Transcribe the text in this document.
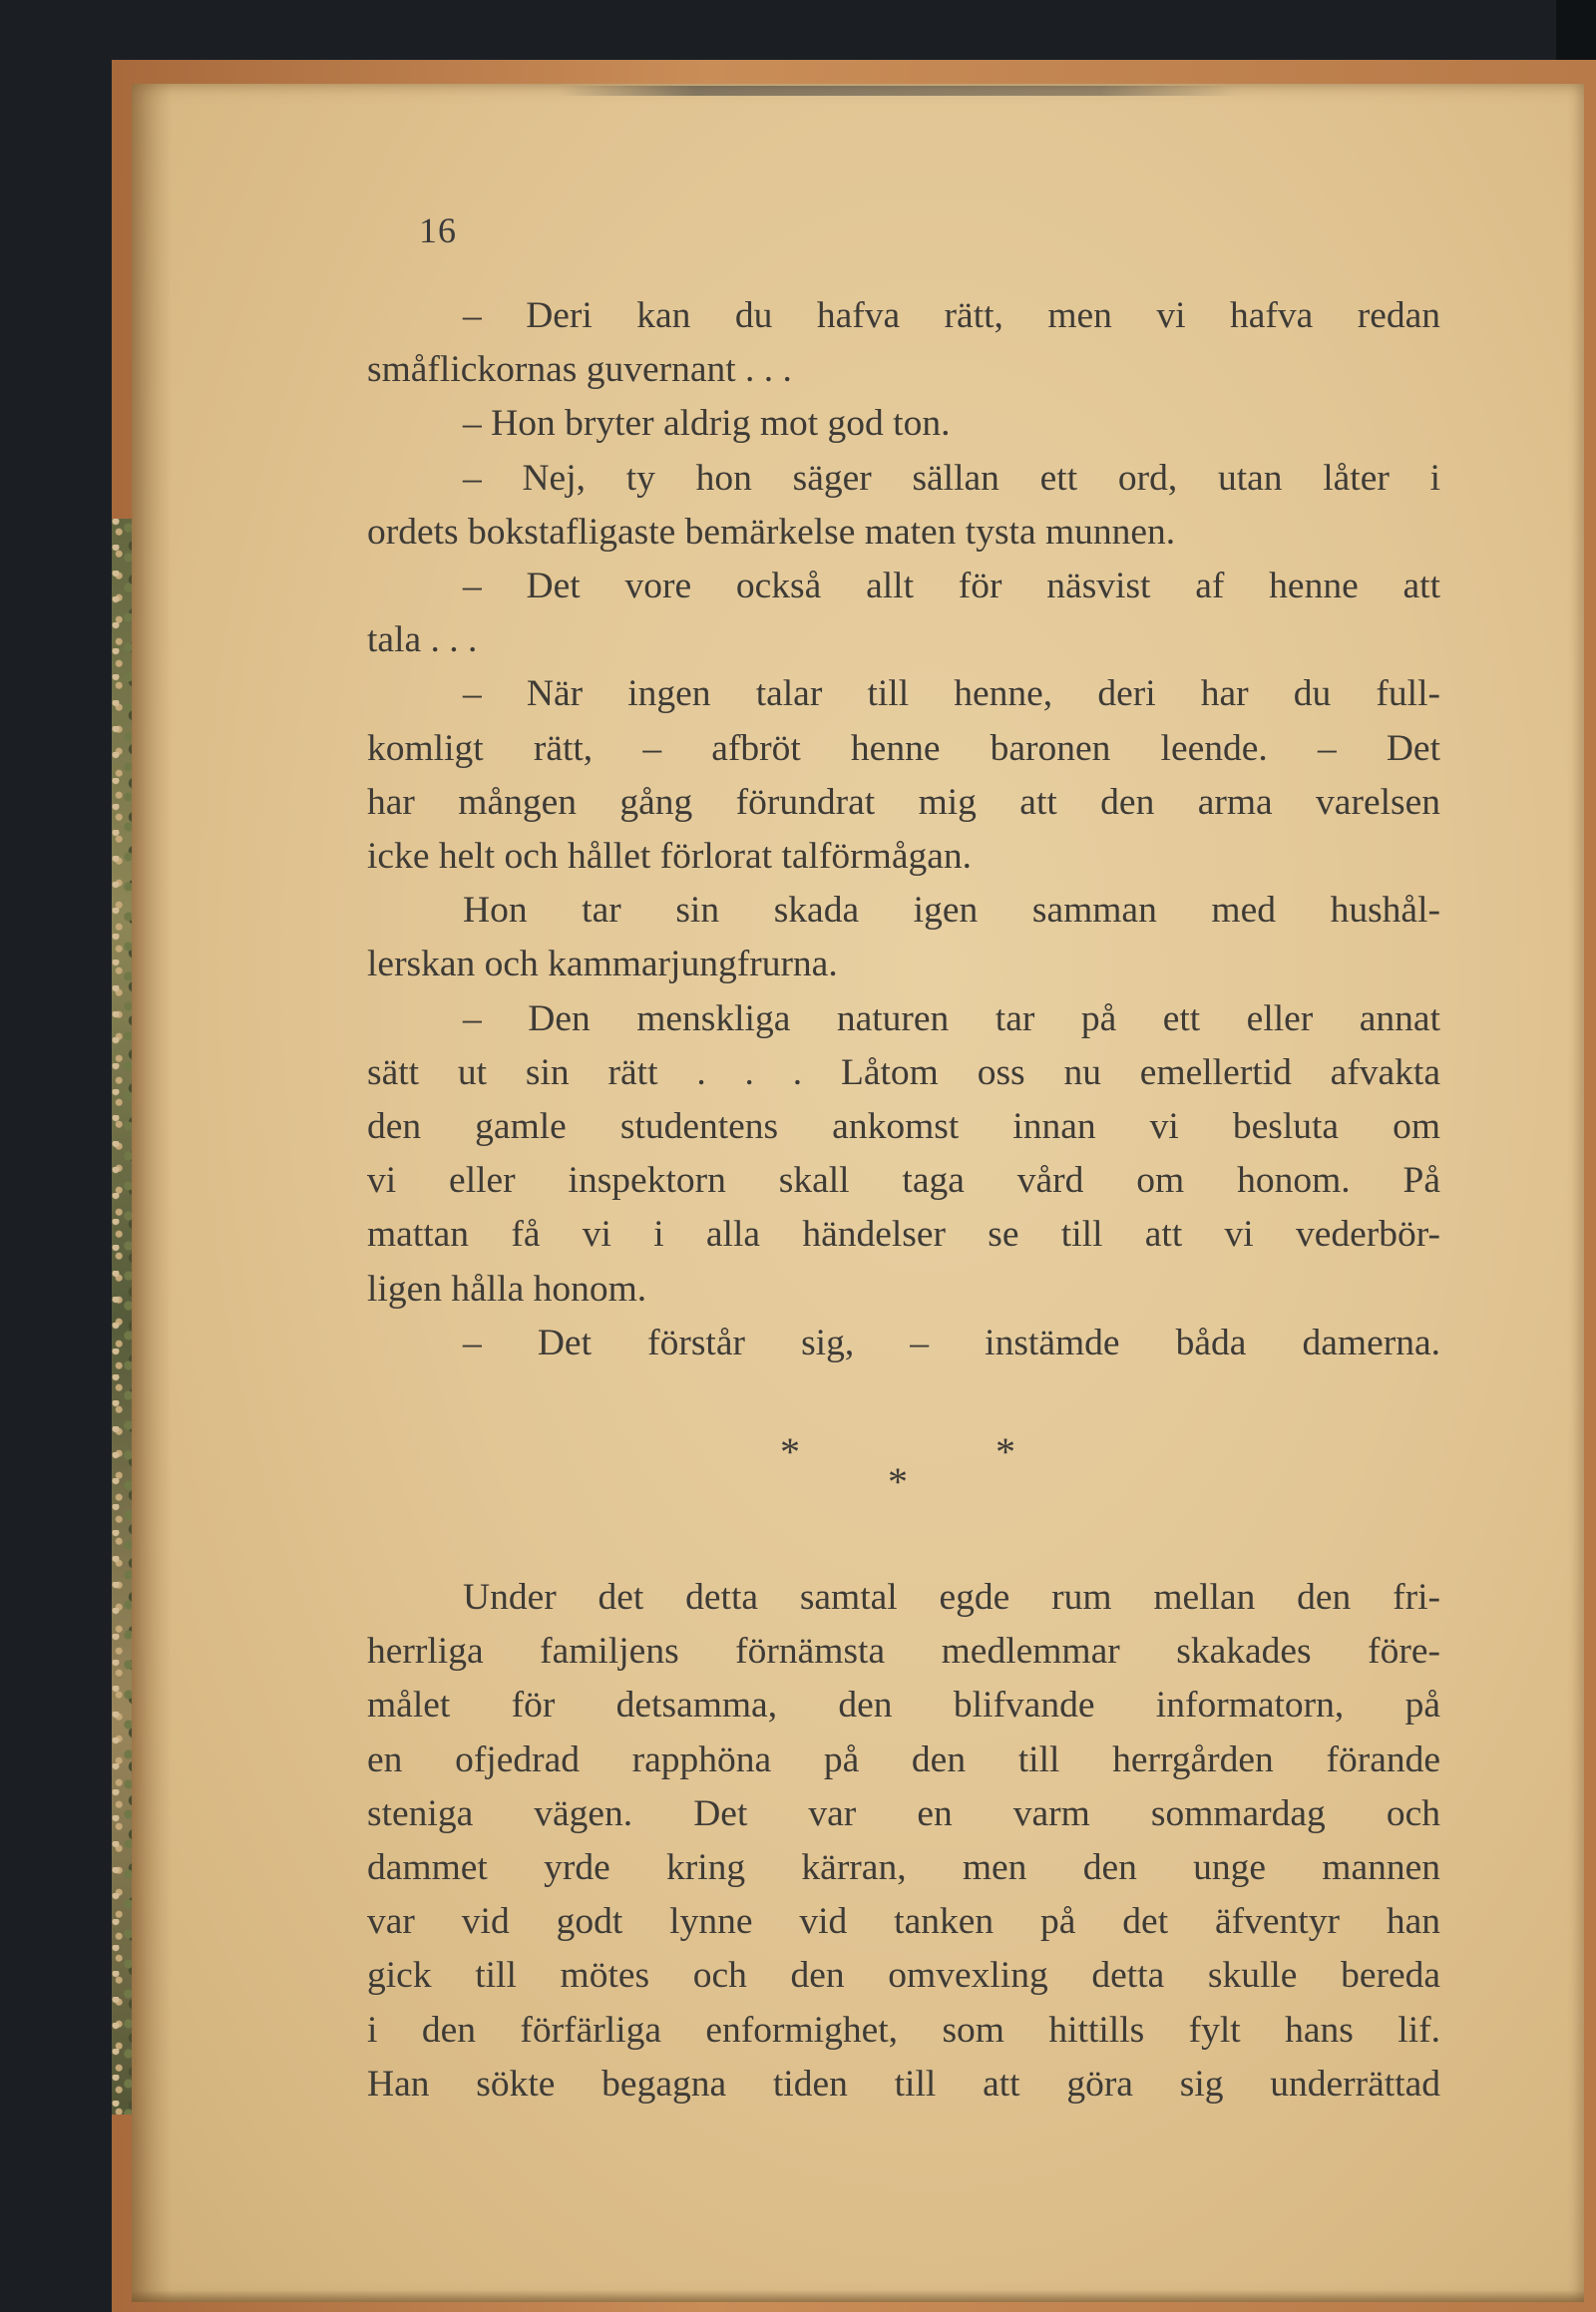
16
– Deri kan du hafva rätt, men vi hafva redan
småflickornas guvernant . . .
– Hon bryter aldrig mot god ton.
– Nej, ty hon säger sällan ett ord, utan låter i
ordets bokstafligaste bemärkelse maten tysta munnen.
– Det vore också allt för näsvist af henne att
tala . . .
– När ingen talar till henne, deri har du full-
komligt rätt, – afbröt henne baronen leende. – Det
har mången gång förundrat mig att den arma varelsen
icke helt och hållet förlorat talförmågan.
Hon tar sin skada igen samman med hushål-
lerskan och kammarjungfrurna.
– Den menskliga naturen tar på ett eller annat
sätt ut sin rätt . . . Låtom oss nu emellertid afvakta
den gamle studentens ankomst innan vi besluta om
vi eller inspektorn skall taga vård om honom. På
mattan få vi i alla händelser se till att vi vederbör-
ligen hålla honom.
– Det förstår sig, – instämde båda damerna.
*	*
*
Under det detta samtal egde rum mellan den fri-
herrliga familjens förnämsta medlemmar skakades före-
målet för detsamma, den blifvande informatorn, på
en ofjedrad rapphöna på den till herrgården förande
steniga vägen. Det var en varm sommardag och
dammet yrde kring kärran, men den unge mannen
var vid godt lynne vid tanken på det äfventyr han
gick till mötes och den omvexling detta skulle bereda
i den förfärliga enformighet, som hittills fylt hans lif.
Han sökte begagna tiden till att göra sig underrättad
